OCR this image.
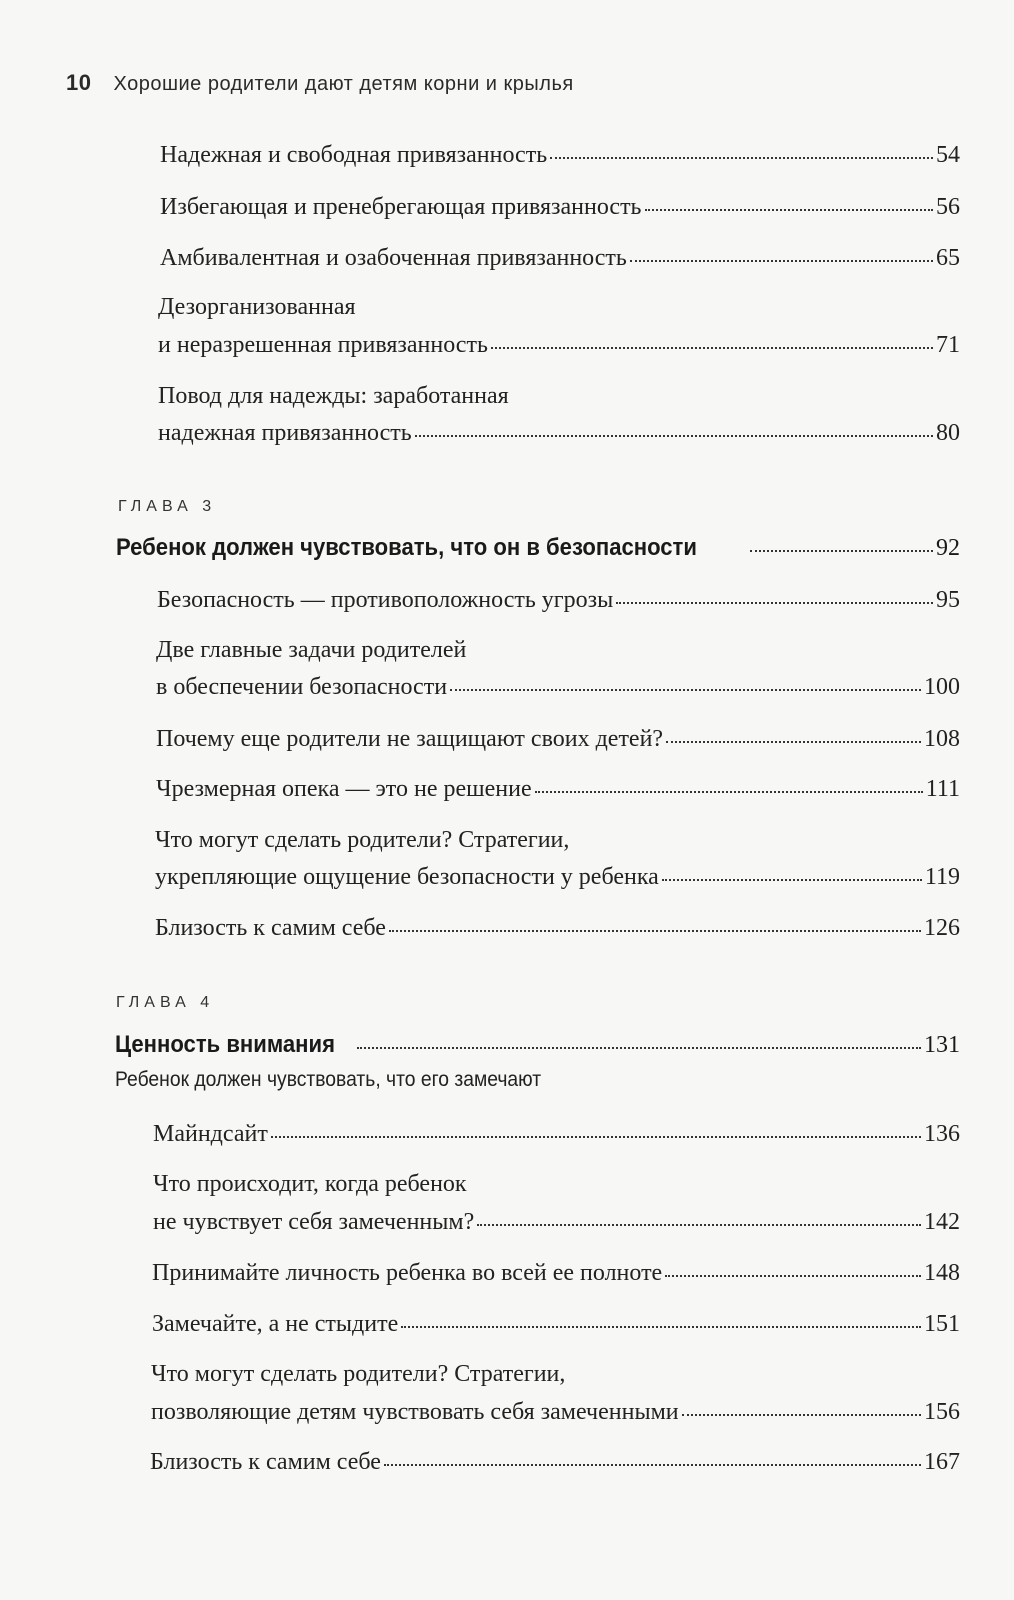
10 Хорошие родители дают детям корни и крылья
Надежная и свободная привязанность	54
Избегающая и пренебрегающая привязанность	56
Амбивалентная и озабоченная привязанность	65
Дезорганизованная
и неразрешенная привязанность	71
Повод для надежды: заработанная
надежная привязанность	80
ГЛАВА 3
Ребенок должен чувствовать, что он в безопасности	92
Безопасность — противоположность угрозы	95
Две главные задачи родителей
в обеспечении безопасности	100
Почему еще родители не защищают своих детей?	108
Чрезмерная опека — это не решение	111
Что могут сделать родители? Стратегии,
укрепляющие ощущение безопасности у ребенка	119
Близость к самим себе	126
ГЛАВА 4
Ценность внимания	131
Ребенок должен чувствовать, что его замечают
Майндсайт	136
Что происходит, когда ребенок
не чувствует себя замеченным?	142
Принимайте личность ребенка во всей ее полноте	148
Замечайте, а не стыдите	151
Что могут сделать родители? Стратегии,
позволяющие детям чувствовать себя замеченными	156
Близость к самим себе	167
